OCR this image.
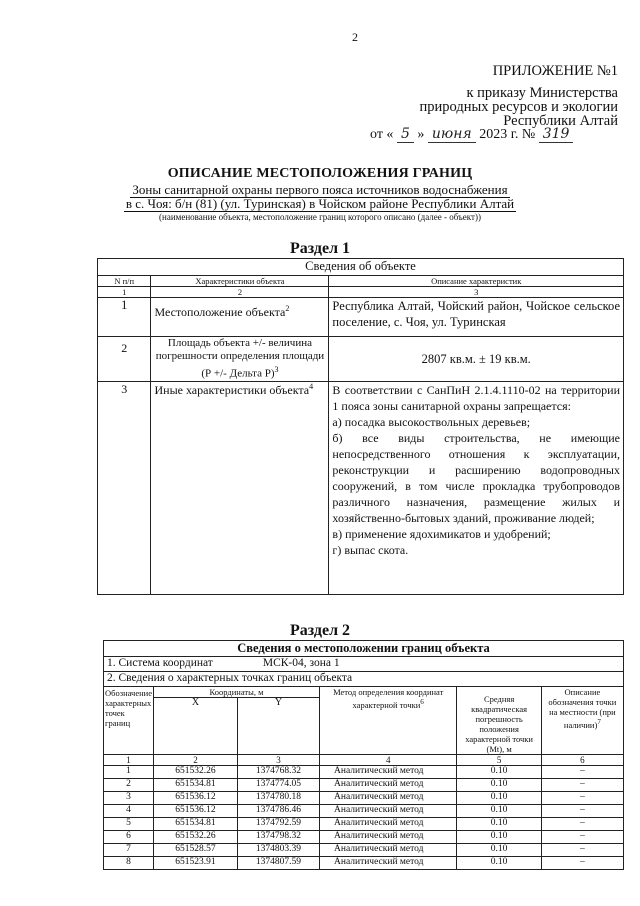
2
ПРИЛОЖЕНИЕ №1
к приказу Министерства
природных ресурсов и экологии
Республики Алтай
от « 5 » июня 2023 г. № 319
ОПИСАНИЕ МЕСТОПОЛОЖЕНИЯ ГРАНИЦ
Зоны санитарной охраны первого пояса источников водоснабжения
в с. Чоя: б/н (81) (ул. Туринская) в Чойском районе Республики Алтай
(наименование объекта, местоположение границ которого описано (далее - объект))
Раздел 1
Сведения об объекте		
N п/п	Характеристики объекта	Описание характеристик
1	2	3
1	Местоположение объекта$^2$	Республика Алтай, Чойский район, Чойское сельское поселение, с. Чоя, ул. Туринская
2	Площадь объекта +/- величина погрешности определения площади (Р +/- Дельта Р)$^3$	2807 кв.м. ± 19 кв.м.
3	Иные характеристики объекта$^4$	В соответствии с СанПиН 2.1.4.1110-02 на территории 1 пояса зоны санитарной охраны запрещается:
а) посадка высокоствольных деревьев;
б) все виды строительства, не имеющие непосредственного отношения к эксплуатации, реконструкции и расширению водопроводных сооружений, в том числе прокладка трубопроводов различного назначения, размещение жилых и хозяйственно-бытовых зданий, проживание людей;
в) применение ядохимикатов и удобрений;
г) выпас скота.
Раздел 2
Сведения о местоположении границ объекта					
1. Система координат МСК-04, зона 1					
2. Сведения о характерных точках границ объекта					
Обозначение характерных точек границ	Координаты, м		Метод определения координат характерной точки$^6$	Средняя квадратическая погрешность положения характерной точки (Мt), м	Описание обозначения точки на местности (при наличии)$^7$
	X	Y			
1	2	3	4	5	6
1	651532.26	1374768.32	Аналитический метод	0.10	–
2	651534.81	1374774.05	Аналитический метод	0.10	–
3	651536.12	1374780.18	Аналитический метод	0.10	–
4	651536.12	1374786.46	Аналитический метод	0.10	–
5	651534.81	1374792.59	Аналитический метод	0.10	–
6	651532.26	1374798.32	Аналитический метод	0.10	–
7	651528.57	1374803.39	Аналитический метод	0.10	–
8	651523.91	1374807.59	Аналитический метод	0.10	–
